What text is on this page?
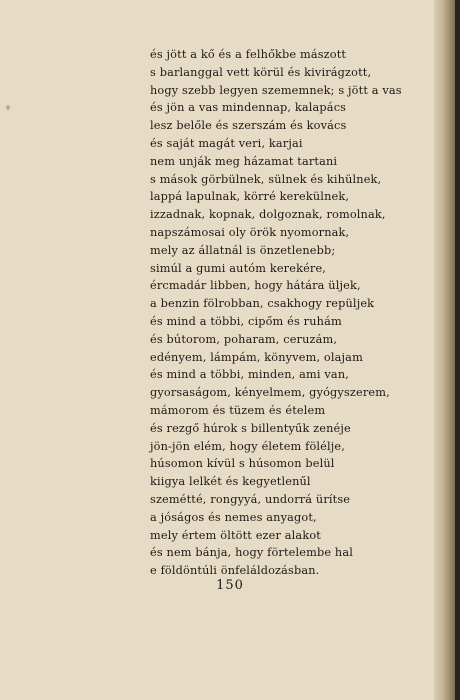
és jött a kő és a felhőkbe mászott
s barlanggal vett körül és kivirágzott,
hogy szebb legyen szememnek; s jött a vas
és jön a vas mindennap, kalapács
lesz belőle és szerszám és kovács
és saját magát veri, karjai
nem unják meg házamat tartani
s mások görbülnek, sülnek és kihülnek,
lappá lapulnak, körré kerekülnek,
izzadnak, kopnak, dolgoznak, romolnak,
napszámosai oly örök nyomornak,
mely az állatnál is önzetlenebb;
simúl a gumi autóm kerekére,
ércmadár libben, hogy hátára üljek,
a benzin fölrobban, csakhogy repüljek
és mind a többi, cipőm és ruhám
és bútorom, poharam, ceruzám,
edényem, lámpám, könyvem, olajam
és mind a többi, minden, ami van,
gyorsaságom, kényelmem, gyógyszerem,
mámorom és tüzem és ételem
és rezgő húrok s billentyűk zenéje
jön-jön elém, hogy életem fölélje,
húsomon kívül s húsomon belül
kiigya lelkét és kegyetlenűl
szemétté, rongyyá, undorrá ürítse
a jóságos és nemes anyagot,
mely értem öltött ezer alakot
és nem bánja, hogy förtelembe hal
e földöntúli önfeláldozásban.
150
